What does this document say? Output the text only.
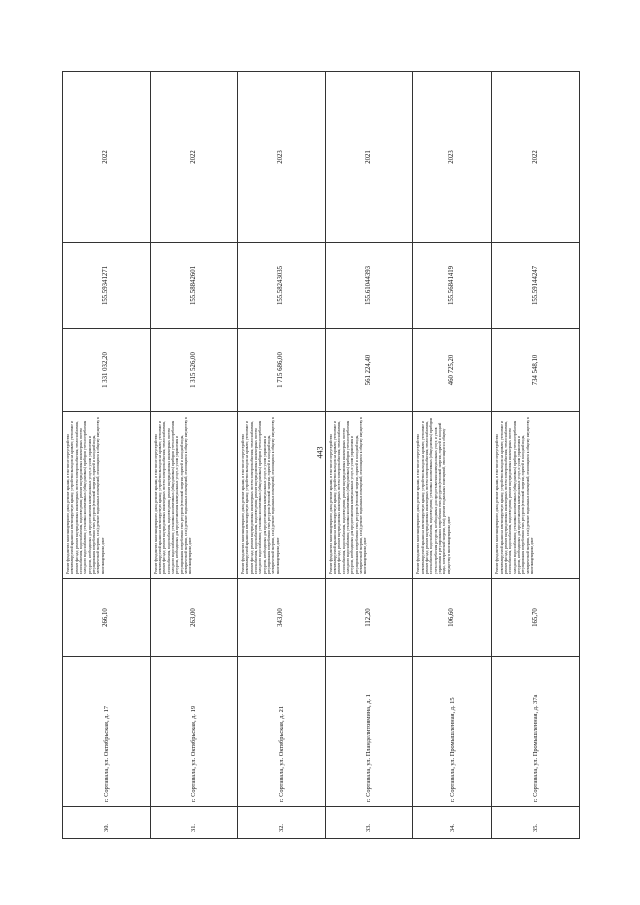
443
30.	г. Сортавала, ул. Октябрьская, д. 17	266,10	Ремонт фундамента многоквартирного дома; ремонт крыши, в том числе переустройство невентилируемой крыши на вентилируемую крышу, устройство выходов на кровлю; утепление и ремонт фасада; ремонт внутридомовых инженерных систем электроснабжения, теплоснабжения, газоснабжения, водоснабжения, водоотведения; ремонт внутридомовых инженерных систем холодного водоснабжения; установка коллективных (общедомовых) приборов учета потребления ресурсов, необходимых для предоставления коммунальных услуг, и узлов управления и регулирования потребления этих ресурсов (тепловой энергии, горячей и холодной воды, электрической энергии, газа); ремонт подвальных помещений, относящихся к общему имуществу в многоквартирном доме	1 331 032,20	155.59341271	2022
31.	г. Сортавала, ул. Октябрьская, д. 19	263,00	Ремонт фундамента многоквартирного дома; ремонт крыши, в том числе переустройство невентилируемой крыши на вентилируемую крышу, устройство выходов на кровлю; утепление и ремонт фасада; ремонт внутридомовых инженерных систем электроснабжения, теплоснабжения, газоснабжения, водоснабжения, водоотведения; ремонт внутридомовых инженерных систем холодного водоснабжения; установка коллективных (общедомовых) приборов учета потребления ресурсов, необходимых для предоставления коммунальных услуг, и узлов управления и регулирования потребления этих ресурсов (тепловой энергии, горячей и холодной воды, электрической энергии, газа); ремонт подвальных помещений, относящихся к общему имуществу в многоквартирном доме	1 315 526,00	155.58842601	2022
32.	г. Сортавала, ул. Октябрьская, д. 21	343,00	Ремонт фундамента многоквартирного дома; ремонт крыши, в том числе переустройство невентилируемой крыши на вентилируемую крышу, устройство выходов на кровлю; утепление и ремонт фасада; ремонт внутридомовых инженерных систем электроснабжения, теплоснабжения, газоснабжения, водоснабжения, водоотведения; ремонт внутридомовых инженерных систем холодного водоснабжения; установка коллективных (общедомовых) приборов учета потребления ресурсов, необходимых для предоставления коммунальных услуг, и узлов управления и регулирования потребления этих ресурсов (тепловой энергии, горячей и холодной воды, электрической энергии, газа); ремонт подвальных помещений, относящихся к общему имуществу в многоквартирном доме	1 715 686,00	155.58243035	2023
33.	г. Сортавала, ул. Планделитовмина, д. 1	112,20	Ремонт фундамента многоквартирного дома; ремонт крыши, в том числе переустройство невентилируемой крыши на вентилируемую крышу, устройство выходов на кровлю; утепление и ремонт фасада; ремонт внутридомовых инженерных систем электроснабжения, теплоснабжения, газоснабжения, водоснабжения, водоотведения; ремонт внутридомовых инженерных систем холодного водоснабжения; установка коллективных (общедомовых) приборов учета потребления ресурсов, необходимых для предоставления коммунальных услуг, и узлов управления и регулирования потребления этих ресурсов (тепловой энергии, горячей и холодной воды, электрической энергии, газа); ремонт подвальных помещений, относящихся к общему имуществу в многоквартирном доме	561 224,40	155.61044393	2021
34.	г. Сортавала, ул. Промышленная, д. 15	106,60	Ремонт фундамента многоквартирного дома; ремонт крыши, в том числе переустройство невентилируемой крыши на вентилируемую крышу, устройство выходов на кровлю; утепление и ремонт фасада; ремонт внутридомовых инженерных систем электроснабжения, теплоснабжения, газоснабжения, водоснабжения, водоотведения; установка коллективных (общедомовых) приборов учета потребления ресурсов, необходимых для предоставления коммунальных услуг, и узлов управления и регулирования потребления этих ресурсов (тепловой энергии, горячей и холодной воды, электрической энергии, газа); ремонт подвальных помещений, относящихся к общему имуществу в многоквартирном доме	460 725,20	155.56841419	2023
35.	г. Сортавала, ул. Промышленная, д. 37а	165,70	Ремонт фундамента многоквартирного дома; ремонт крыши, в том числе переустройство невентилируемой крыши на вентилируемую крышу, устройство выходов на кровлю; утепление и ремонт фасада; ремонт внутридомовых инженерных систем электроснабжения, теплоснабжения, газоснабжения, водоснабжения, водоотведения; ремонт внутридомовых инженерных систем холодного водоснабжения; установка коллективных (общедомовых) приборов учета потребления ресурсов, необходимых для предоставления коммунальных услуг, и узлов управления и регулирования потребления этих ресурсов (тепловой энергии, горячей и холодной воды, электрической энергии, газа); ремонт подвальных помещений, относящихся к общему имуществу в многоквартирном доме	734 548,10	155.59144247	2022
